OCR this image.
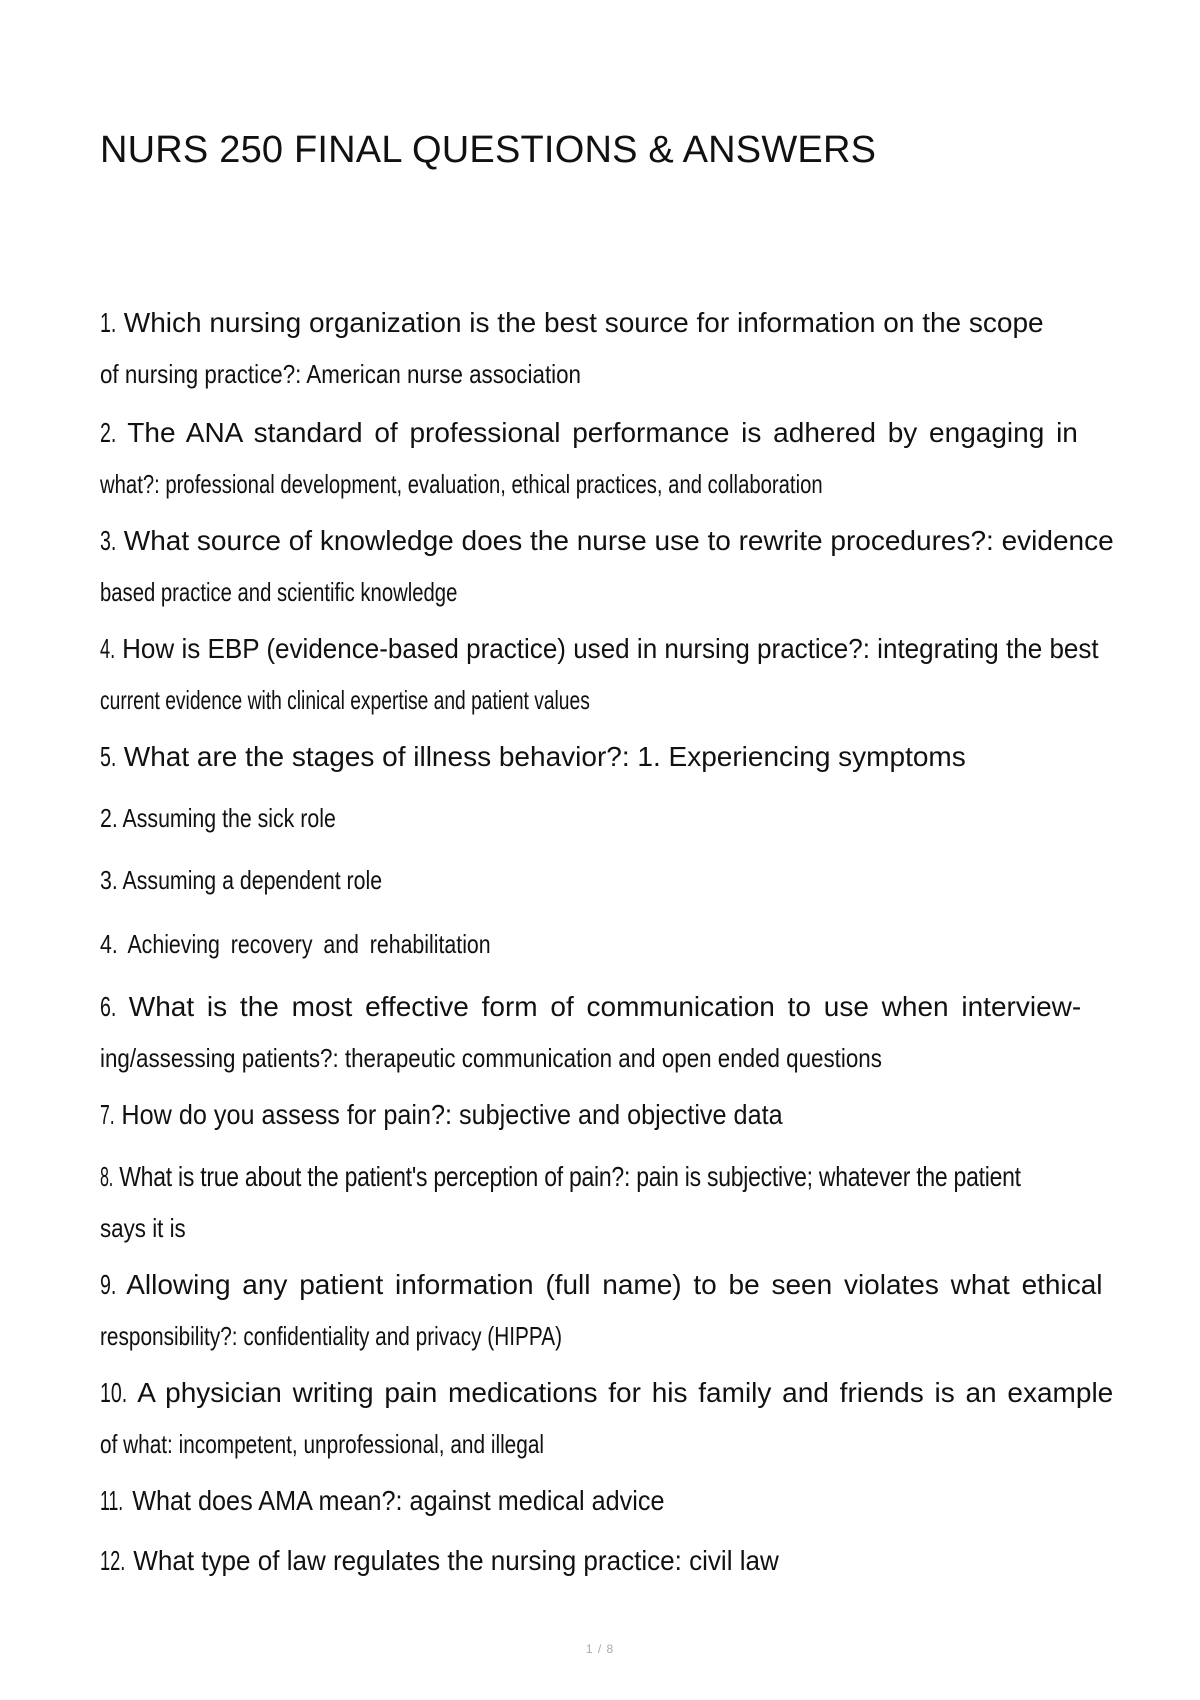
NURS 250 FINAL QUESTIONS & ANSWERS
1. Which nursing organization is the best source for information on the scope
of nursing practice?: American nurse association
2. The ANA standard of professional performance is adhered by engaging in
what?: professional development, evaluation, ethical practices, and collaboration
3. What source of knowledge does the nurse use to rewrite procedures?: evidence
based practice and scientific knowledge
4. How is EBP (evidence-based practice) used in nursing practice?: integrating the best
current evidence with clinical expertise and patient values
5. What are the stages of illness behavior?: 1. Experiencing symptoms
2. Assuming the sick role
3. Assuming a dependent role
4. Achieving recovery and rehabilitation
6. What is the most effective form of communication to use when interview-
ing/assessing patients?: therapeutic communication and open ended questions
7. How do you assess for pain?: subjective and objective data
8. What is true about the patient's perception of pain?: pain is subjective; whatever the patient
says it is
9. Allowing any patient information (full name) to be seen violates what ethical
responsibility?: confidentiality and privacy (HIPPA)
10. A physician writing pain medications for his family and friends is an example
of what: incompetent, unprofessional, and illegal
11. What does AMA mean?: against medical advice
12. What type of law regulates the nursing practice: civil law
1 / 8
